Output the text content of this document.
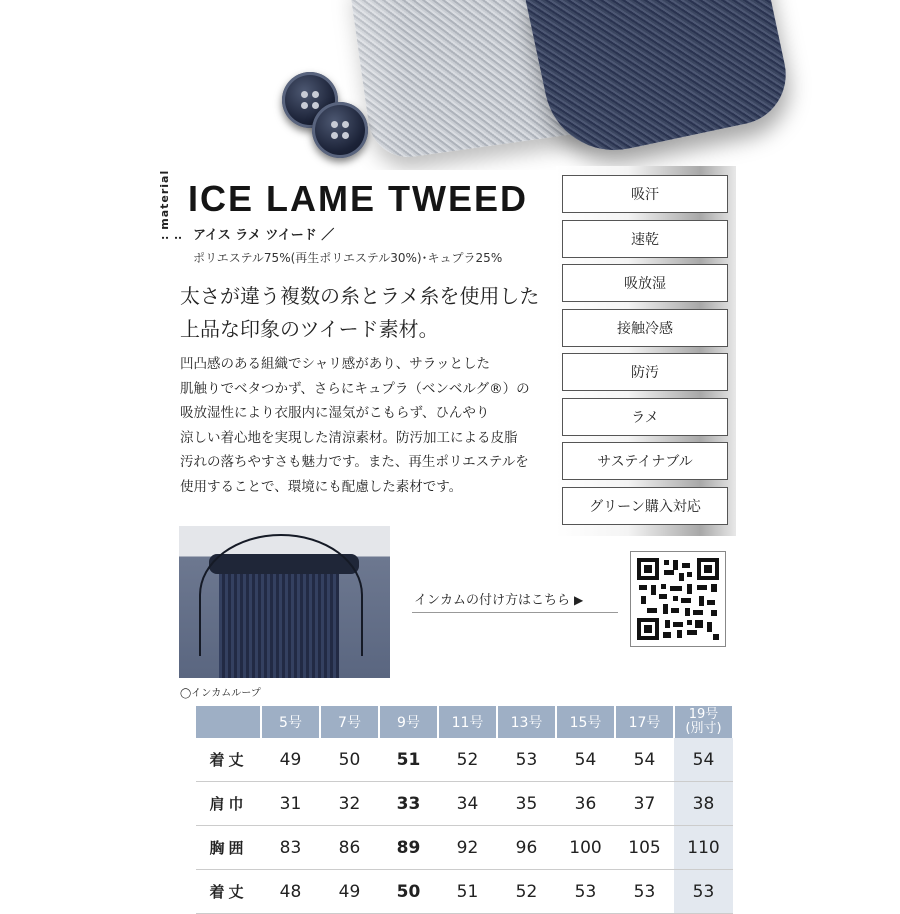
: material :
ICE LAME TWEED
アイス ラメ ツイード ／
ポリエステル75%(再生ポリエステル30%)･キュプラ25%
太さが違う複数の糸とラメ糸を使用した
上品な印象のツイード素材。
凹凸感のある組織でシャリ感があり、サラッとした
肌触りでベタつかず、さらにキュプラ（ベンベルグ®）の
吸放湿性により衣服内に湿気がこもらず、ひんやり
涼しい着心地を実現した清涼素材。防汚加工による皮脂
汚れの落ちやすさも魅力です。また、再生ポリエステルを
使用することで、環境にも配慮した素材です。
吸汗
速乾
吸放湿
接触冷感
防汚
ラメ
サステイナブル
グリーン購入対応
◯インカムループ
インカムの付け方はこちら ▶
	5号	7号	9号	11号	13号	15号	17号	19号
(別寸)

着丈	49	50	51	52	53	54	54	54
肩巾	31	32	33	34	35	36	37	38
胸囲	83	86	89	92	96	100	105	110
着丈	48	49	50	51	52	53	53	53
